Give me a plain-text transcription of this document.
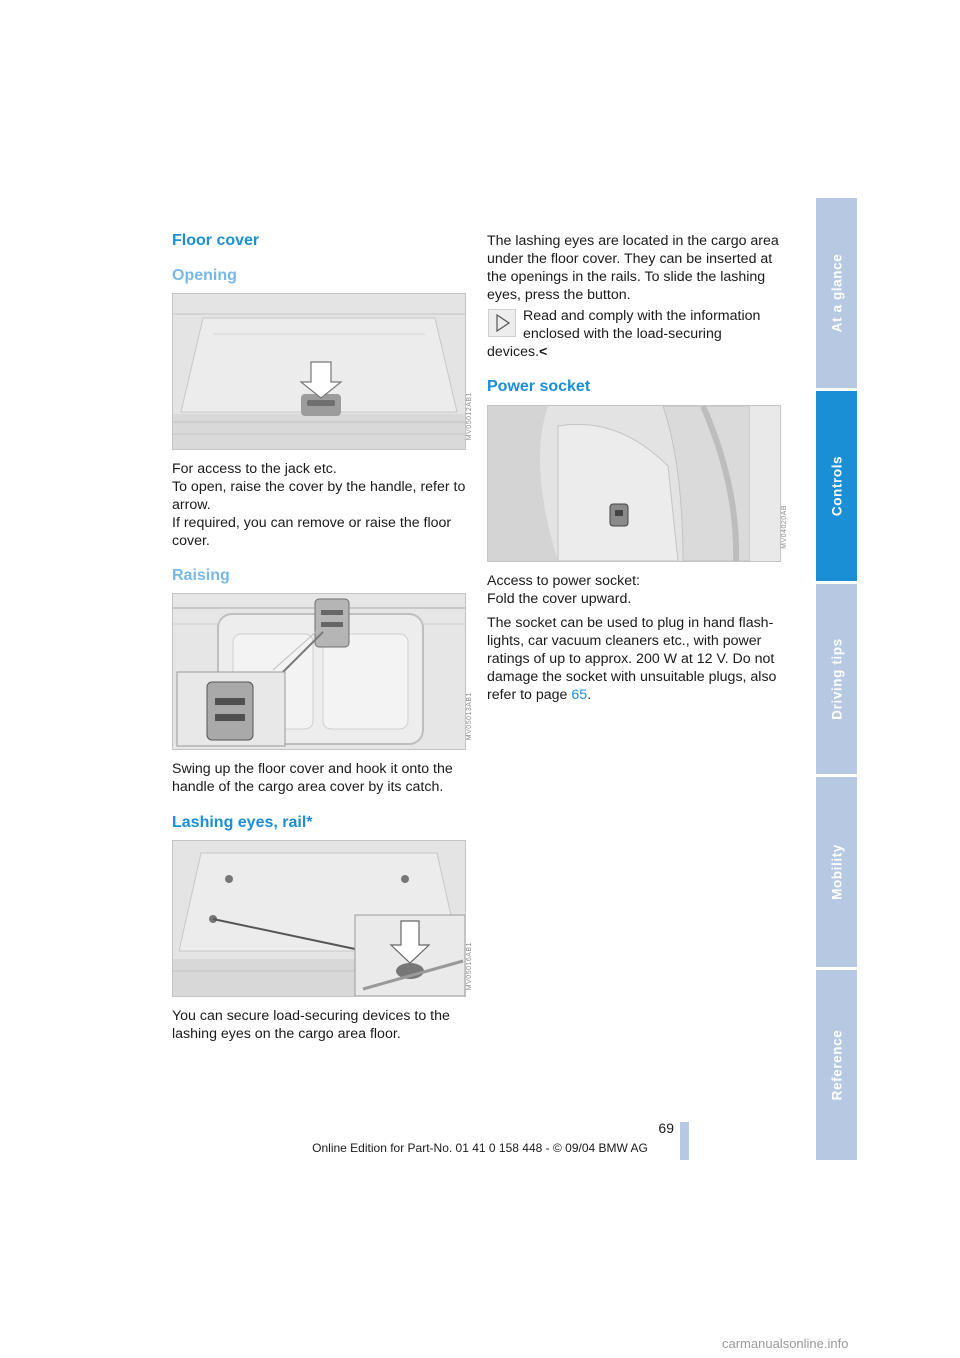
Floor cover

Opening

MV05012AB1

For access to the jack etc.

To open, raise the cover by the handle, refer to arrow.

If required, you can remove or raise the floor cover.

Raising

MV05013AB1

Swing up the floor cover and hook it onto the handle of the cargo area cover by its catch.

Lashing eyes, rail*

MV05016AB1

You can secure load-securing devices to the lashing eyes on the cargo area floor.

The lashing eyes are located in the cargo area under the floor cover. They can be inserted at the openings in the rails. To slide the lashing eyes, press the button.

Read and comply with the information

enclosed with the load-securing

devices.<

Power socket

MV04020AB

Access to power socket:

Fold the cover upward.

The socket can be used to plug in hand flash-lights, car vacuum cleaners etc., with power ratings of up to approx. 200 W at 12 V. Do not damage the socket with unsuitable plugs, also refer to page 65.

At a glance
Controls
Driving tips
Mobility
Reference
69
Online Edition for Part-No. 01 41 0 158 448 - © 09/04 BMW AG
carmanualsonline.info
